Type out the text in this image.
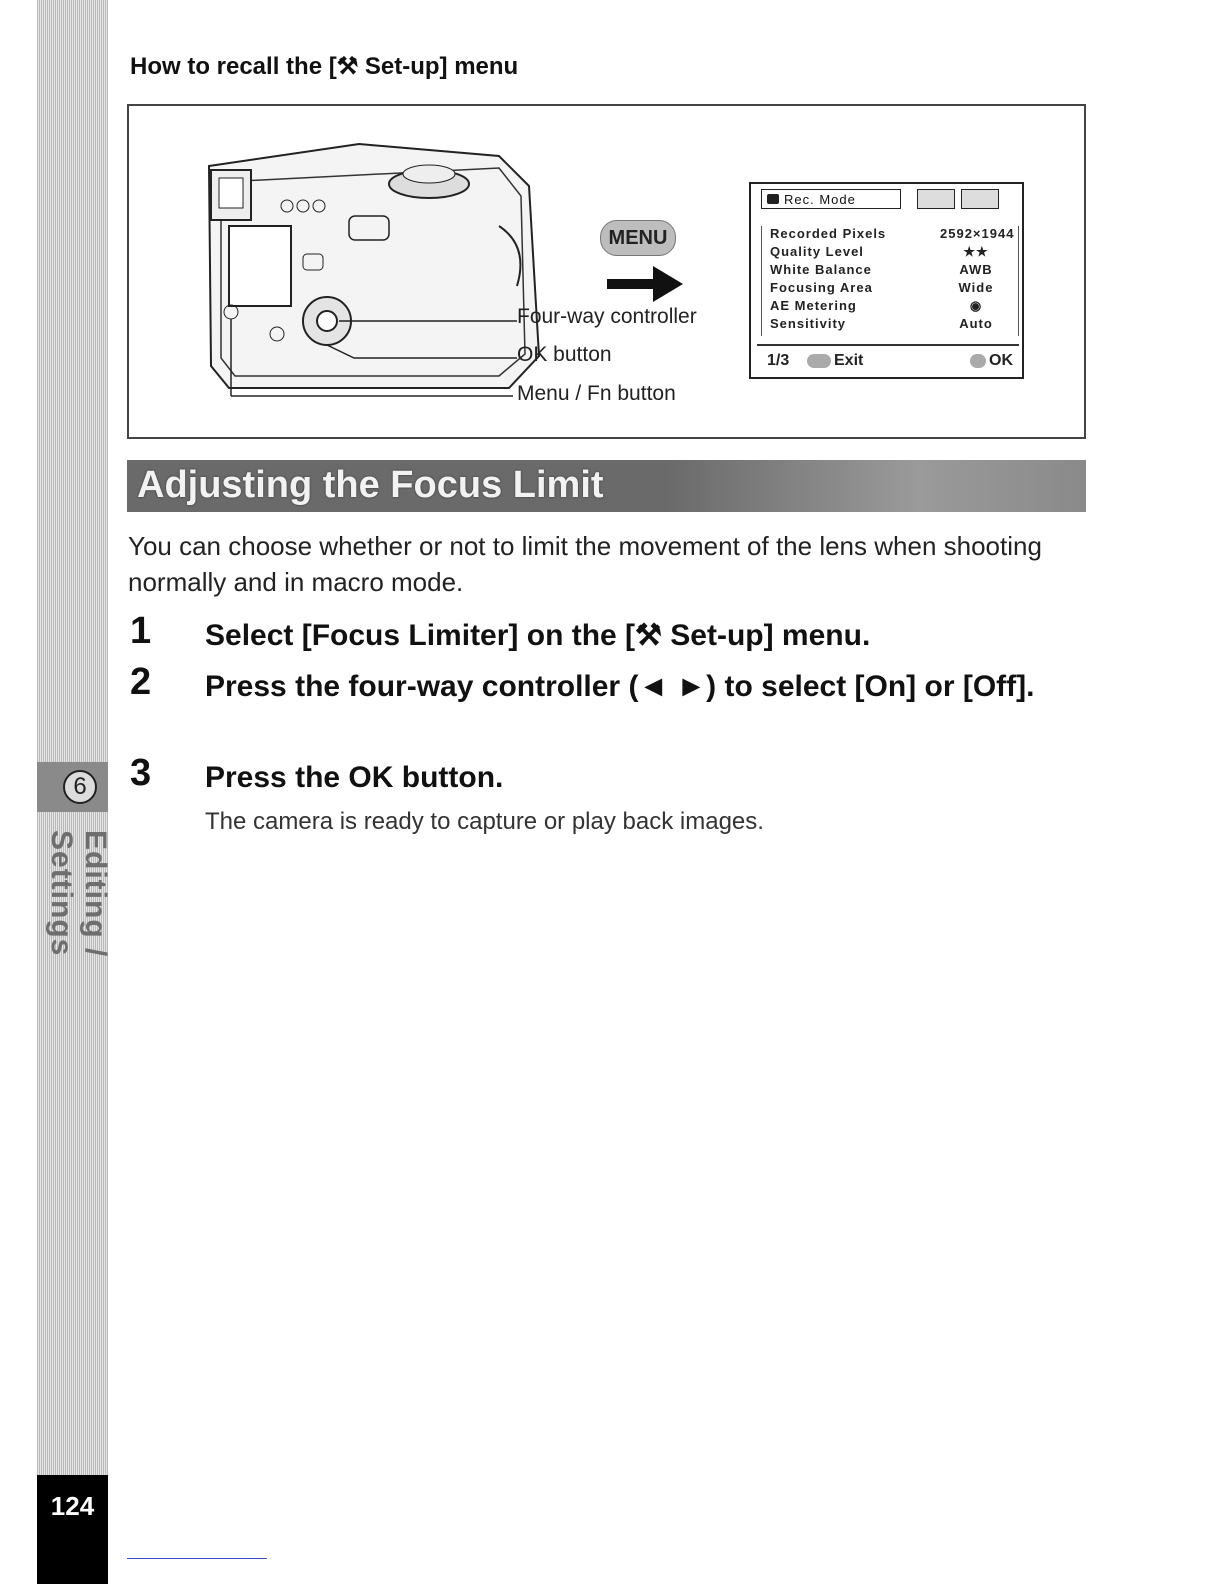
6
Editing / Settings
124
How to recall the [⚒ Set-up] menu
Four-way controller
OK button
Menu / Fn button
MENU
Rec. Mode
Recorded Pixels	2592×1944
Quality Level	★★
White Balance	AWB
Focusing Area	Wide
AE Metering	◉
Sensitivity	Auto
1/3	Exit	OK
Adjusting the Focus Limit
You can choose whether or not to limit the movement of the lens when shooting normally and in macro mode.
1 Select [Focus Limiter] on the [⚒ Set-up] menu.
2 Press the four-way controller (◄ ►) to select [On] or [Off].
3 Press the OK button.
The camera is ready to capture or play back images.
